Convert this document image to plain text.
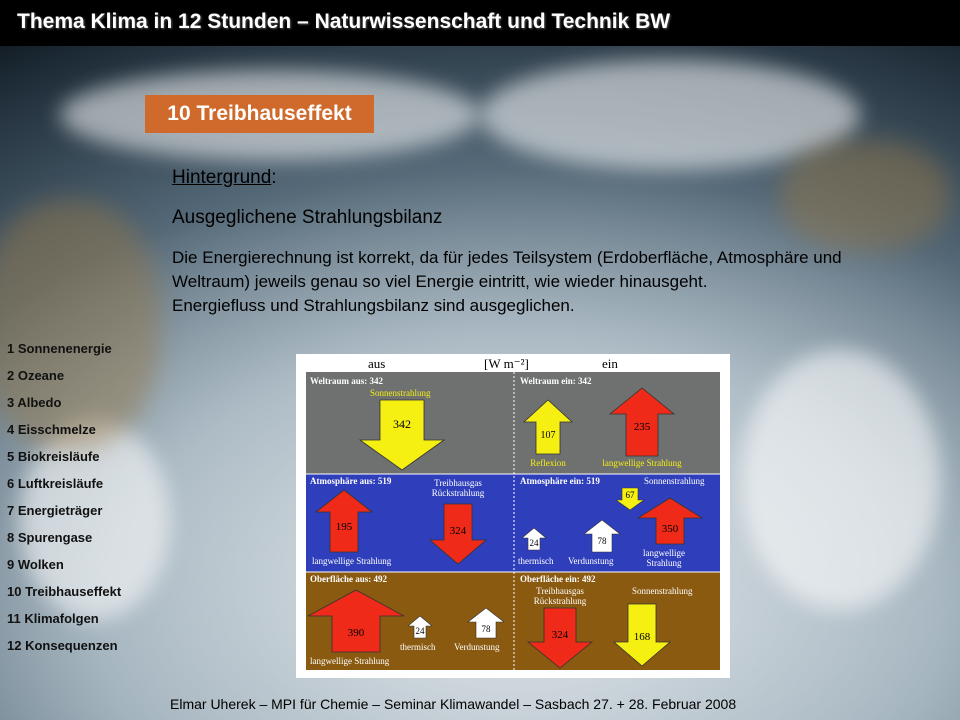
Thema Klima in 12 Stunden – Naturwissenschaft und Technik BW
10 Treibhauseffekt
Hintergrund:
Ausgeglichene Strahlungsbilanz
Die Energierechnung ist korrekt, da für jedes Teilsystem (Erdoberfläche, Atmosphäre und Weltraum) jeweils genau so viel Energie eintritt, wie wieder hinausgeht.
Energiefluss und Strahlungsbilanz sind ausgeglichen.
1 Sonnenenergie
2 Ozeane
3 Albedo
4 Eisschmelze
5 Biokreisläufe
6 Luftkreisläufe
7 Energieträger
8 Spurengase
9 Wolken
10 Treibhauseffekt
11 Klimafolgen
12 Konsequenzen
aus	[W m⁻²]	ein
Weltraum aus: 342	Weltraum ein: 342
Sonnenstrahlung
342
107
Reflexion
235
langwellige Strahlung
Atmosphäre aus: 519	Atmosphäre ein: 519
195
langwellige Strahlung
Treibhausgas
Rückstrahlung
324
Sonnenstrahlung
67
24
thermisch
78
Verdunstung
350
langwellige
Strahlung
Oberfläche aus: 492	Oberfläche ein: 492
390
langwellige Strahlung
24
thermisch
78
Verdunstung
Treibhausgas
Rückstrahlung
324
Sonnenstrahlung
168
Elmar Uherek – MPI für Chemie – Seminar Klimawandel – Sasbach 27. + 28. Februar 2008
